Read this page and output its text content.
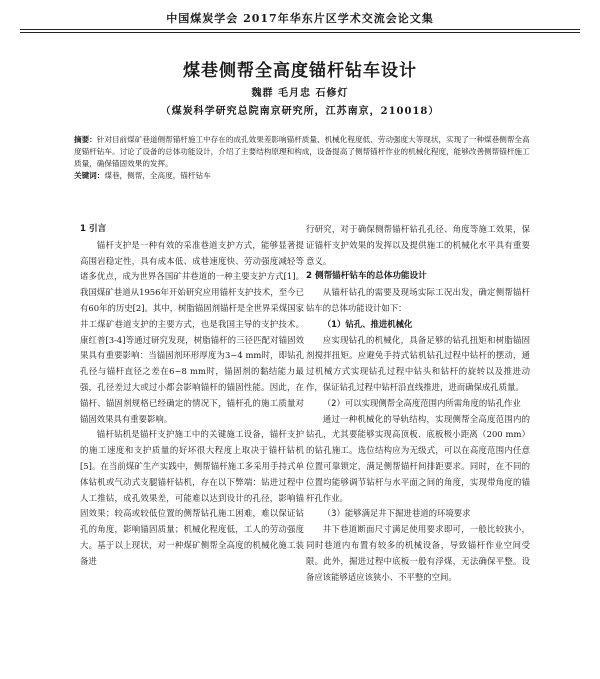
中国煤炭学会 2017年华东片区学术交流会论文集
煤巷侧帮全高度锚杆钻车设计
魏群 毛月忠 石修灯
（煤炭科学研究总院南京研究所，江苏南京，210018）

摘要：针对目前煤矿巷道侧帮锚杆施工中存在的成孔效果差影响锚杆质量、机械化程度低、劳动强度大等现状，实现了一种煤巷侧帮全高度锚杆钻车。讨论了设备的总体功能设计，介绍了主要结构原理和构成，设备提高了侧帮锚杆作业的机械化程度，能够改善侧帮锚杆施工质量，确保锚固效果的发挥。

关键词：煤巷，侧帮，全高度，锚杆钻车

1 引言

锚杆支护是一种有效的采准巷道支护方式，能够显著提高围岩稳定性，具有成本低、成巷速度快、劳动强度减轻等诸多优点，成为世界各国矿井巷道的一种主要支护方式[1]。我国煤矿巷道从1956年开始研究应用锚杆支护技术，至今已有60年的历史[2]。其中，树脂锚固剂锚杆是全世界采煤国家井工煤矿巷道支护的主要方式，也是我国主导的支护技术。康红普[3-4]等通过研究发现，树脂锚杆的三径匹配对锚固效果具有重要影响：当锚固剂环形厚度为3~4 mm时，即钻孔孔径与锚杆直径之差在6~8 mm时，锚固剂的黏结能力最强，孔径差过大或过小都会影响锚杆的锚固性能。因此，在锚杆、锚固剂规格已经确定的情况下，锚杆孔的施工质量对锚固效果具有重要影响。

锚杆钻机是锚杆支护施工中的关键施工设备，锚杆支护的施工速度和支护质量的好坏很大程度上取决于锚杆钻机[5]。在当前煤矿生产实践中，侧帮锚杆施工多采用手持式单体钻机或气动式支腿锚杆钻机，存在以下弊端：钻进过程中人工推钻，成孔效果差，可能难以达到设计的孔径，影响锚固效果；较高或较低位置的侧帮钻孔施工困难，难以保证钻孔的角度，影响锚固质量；机械化程度低，工人的劳动强度大。基于以上现状，对一种煤矿侧帮全高度的机械化施工装备进

行研究，对于确保侧帮锚杆钻孔孔径、角度等施工效果，保证锚杆支护效果的发挥以及提供施工的机械化水平具有重要意义。

2 侧帮锚杆钻车的总体功能设计

从锚杆钻孔的需要及现场实际工况出发，确定侧帮锚杆钻车的总体功能设计如下：

（1）钻孔、推进机械化

应实现钻孔的机械化，具备足够的钻孔扭矩和树脂锚固剂搅拌扭矩。应避免手持式钻机钻孔过程中钻杆的摆动，通过机械方式实现钻孔过程中钻头和钻杆的旋转以及推进动作，保证钻孔过程中钻杆沿直线推进，进而确保成孔质量。

（2）可以实现侧帮全高度范围内所需角度的钻孔作业

通过一种机械化的导轨结构，实现侧帮全高度范围内的钻孔，尤其要能够实现高顶板、底板极小距离（200 mm）的钻孔施工。选位结构应为无级式，可以在高度范围内任意位置可靠锁定，满足侧帮锚杆间排距要求。同时，在不同的位置均能够调节钻杆与水平面之间的角度，实现带角度的锚杆孔作业。

（3）能够满足井下掘进巷道的环境要求

井下巷道断面尺寸满足使用要求即可，一般比较狭小，同时巷道内布置有较多的机械设备，导致锚杆作业空间受限。此外，掘进过程中底板一般有浮煤，无法确保平整。设备应该能够适应该狭小、不平整的空间。
